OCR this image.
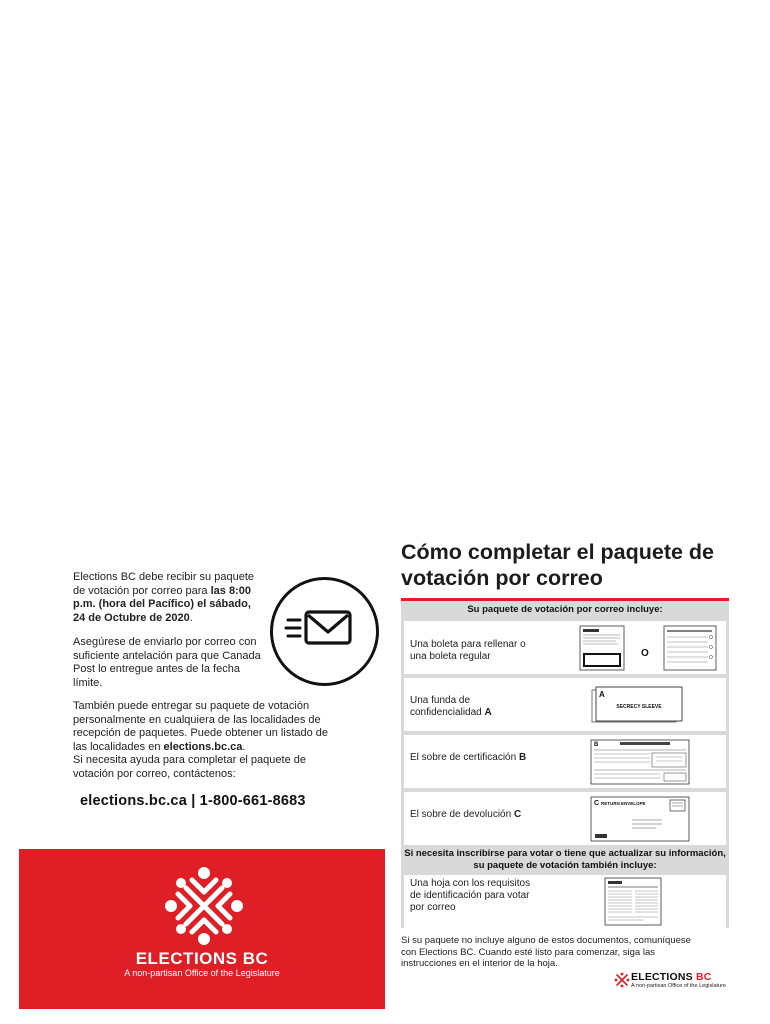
Elections BC debe recibir su paquete de votación por correo para las 8:00 p.m. (hora del Pacífico) el sábado, 24 de Octubre de 2020.

Asegúrese de enviarlo por correo con suficiente antelación para que Canada Post lo entregue antes de la fecha límite.

También puede entregar su paquete de votación personalmente en cualquiera de las localidades de recepción de paquetes. Puede obtener un listado de las localidades en elections.bc.ca.

Si necesita ayuda para completar el paquete de votación por correo, contáctenos:

elections.bc.ca | 1-800-661-8683
ELECTIONS BC
A non-partisan Office of the Legislature
Cómo completar el paquete de votación por correo
Su paquete de votación por correo incluye:
Una boleta para rellenar o una boleta regular	O
Una funda de confidencialidad A
A
SECRECY SLEEVE
El sobre de certificación B
B
El sobre de devolución C
C RETURN ENVELOPE
Si necesita inscribirse para votar o tiene que actualizar su información, su paquete de votación también incluye:
Una hoja con los requisitos de identificación para votar por correo

Si su paquete no incluye alguno de estos documentos, comuníquese con Elections BC. Cuando esté listo para comenzar, siga las instrucciones en el interior de la hoja.

ELECTIONS BC
A non-partisan Office of the Legislature
